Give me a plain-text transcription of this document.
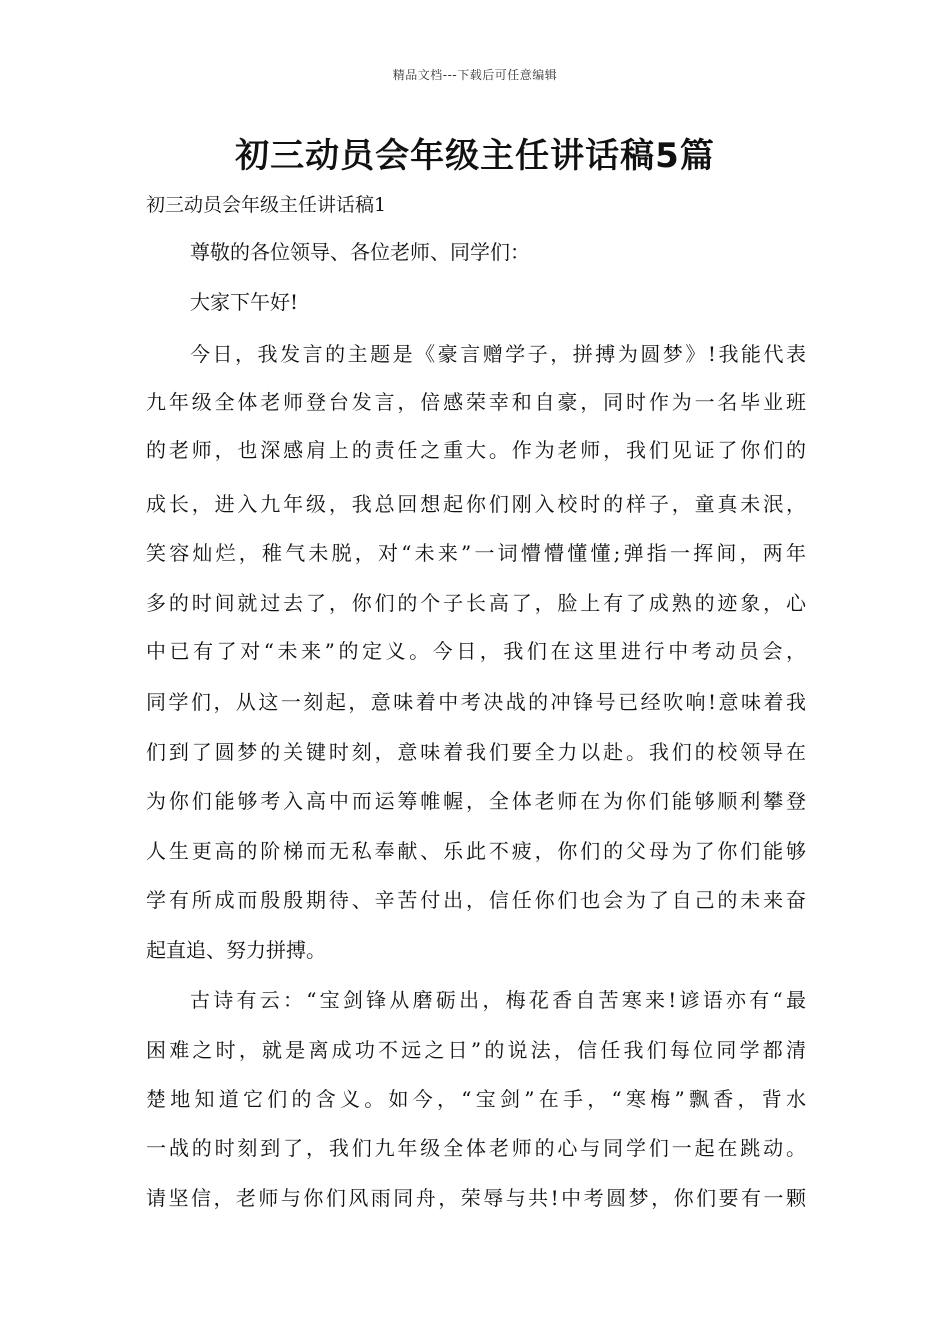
精品文档---下载后可任意编辑
初三动员会年级主任讲话稿5篇
初三动员会年级主任讲话稿1
尊敬的各位领导、各位老师、同学们：
大家下午好!
今日，我发言的主题是《豪言赠学子，拼搏为圆梦》!我能代表
九年级全体老师登台发言，倍感荣幸和自豪，同时作为一名毕业班
的老师，也深感肩上的责任之重大。作为老师，我们见证了你们的
成长，进入九年级，我总回想起你们刚入校时的样子，童真未泯，
笑容灿烂，稚气未脱，对“未来”一词懵懵懂懂;弹指一挥间，两年
多的时间就过去了，你们的个子长高了，脸上有了成熟的迹象，心
中已有了对“未来”的定义。今日，我们在这里进行中考动员会，
同学们，从这一刻起，意味着中考决战的冲锋号已经吹响!意味着我
们到了圆梦的关键时刻，意味着我们要全力以赴。我们的校领导在
为你们能够考入高中而运筹帷幄，全体老师在为你们能够顺利攀登
人生更高的阶梯而无私奉献、乐此不疲，你们的父母为了你们能够
学有所成而殷殷期待、辛苦付出，信任你们也会为了自己的未来奋
起直追、努力拼搏。
古诗有云：“宝剑锋从磨砺出，梅花香自苦寒来!谚语亦有“最
困难之时，就是离成功不远之日”的说法，信任我们每位同学都清
楚地知道它们的含义。如今，“宝剑”在手，“寒梅”飘香，背水
一战的时刻到了，我们九年级全体老师的心与同学们一起在跳动。
请坚信，老师与你们风雨同舟，荣辱与共!中考圆梦，你们要有一颗
